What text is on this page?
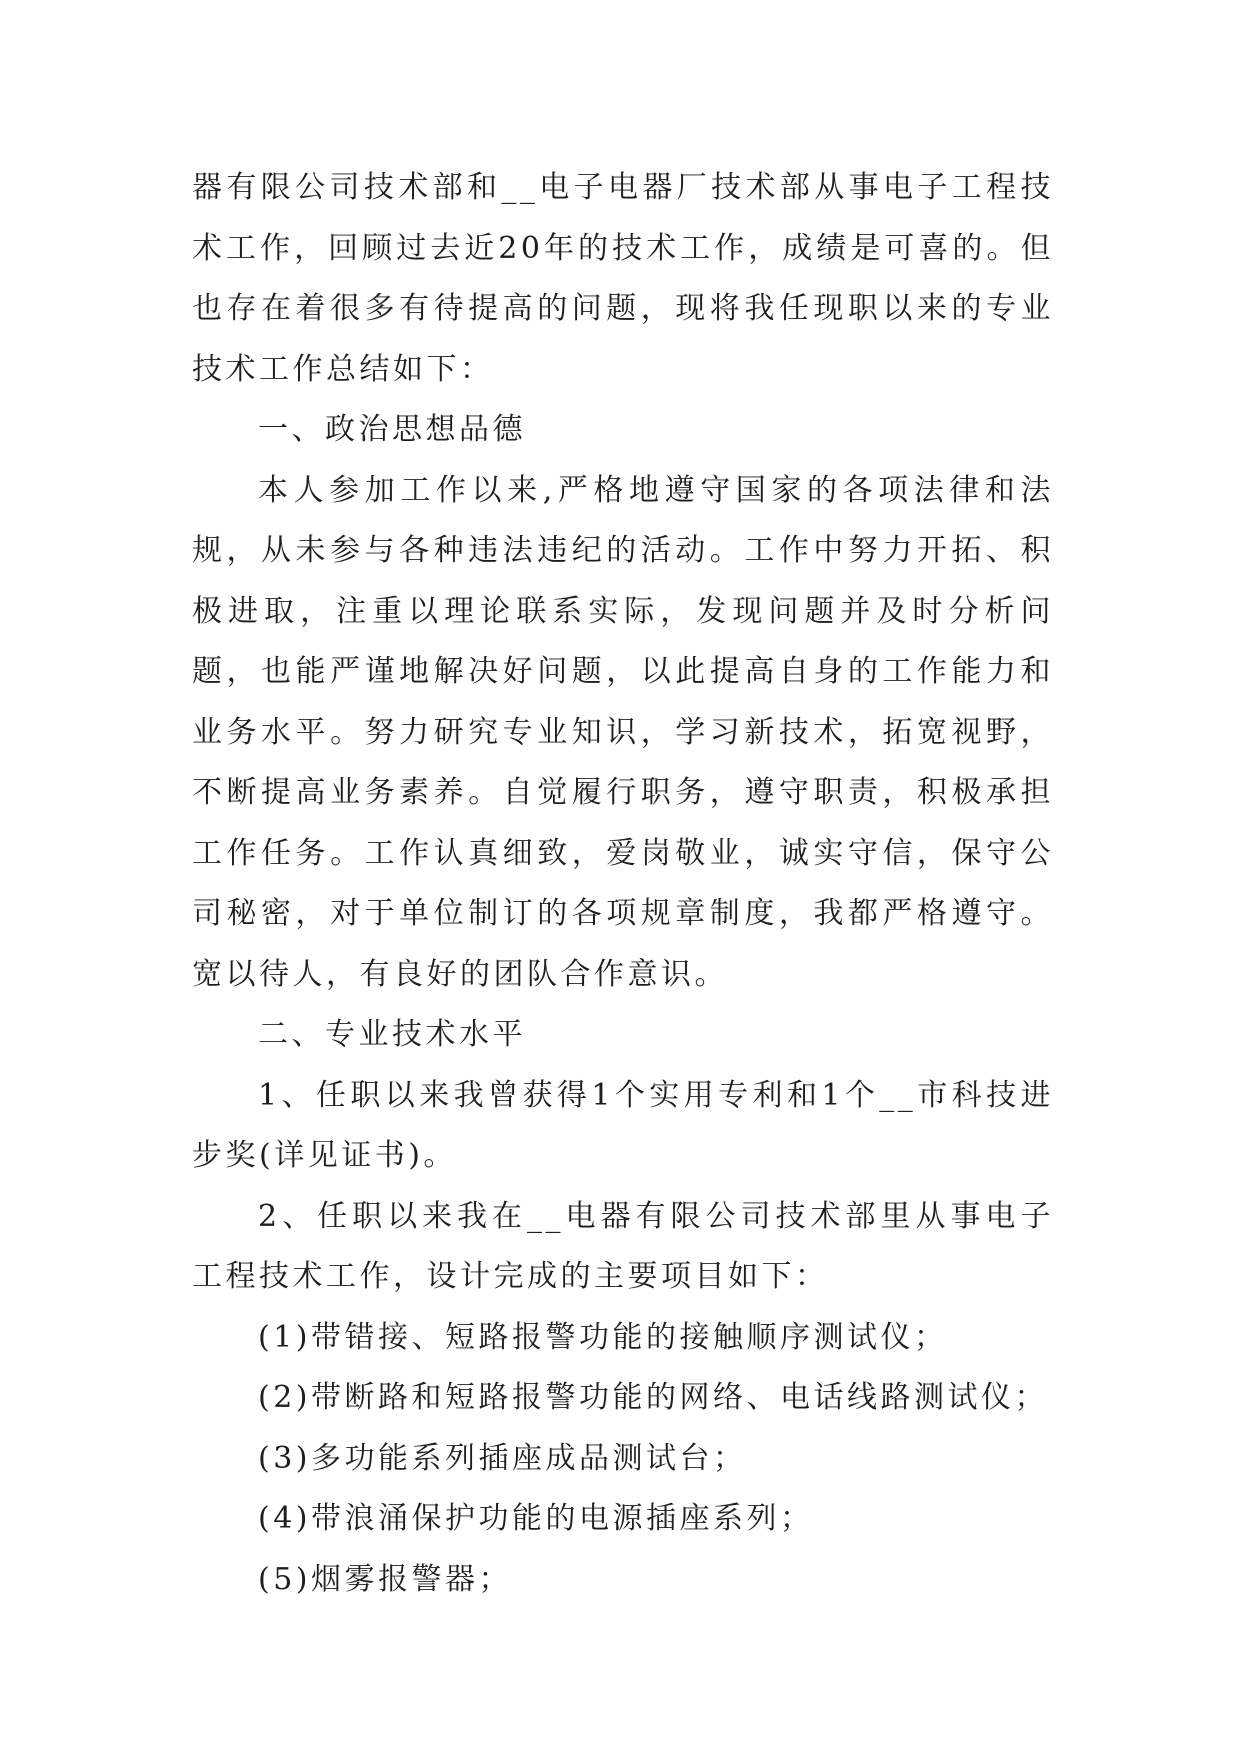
器有限公司技术部和__电子电器厂技术部从事电子工程技术工作，回顾过去近20年的技术工作，成绩是可喜的。但也存在着很多有待提高的问题，现将我任现职以来的专业技术工作总结如下：

一、政治思想品德

本人参加工作以来,严格地遵守国家的各项法律和法规，从未参与各种违法违纪的活动。工作中努力开拓、积极进取，注重以理论联系实际，发现问题并及时分析问题，也能严谨地解决好问题，以此提高自身的工作能力和业务水平。努力研究专业知识，学习新技术，拓宽视野，不断提高业务素养。自觉履行职务，遵守职责，积极承担工作任务。工作认真细致，爱岗敬业，诚实守信，保守公司秘密，对于单位制订的各项规章制度，我都严格遵守。宽以待人，有良好的团队合作意识。

二、专业技术水平

1、任职以来我曾获得1个实用专利和1个__市科技进步奖(详见证书)。

2、任职以来我在__电器有限公司技术部里从事电子工程技术工作，设计完成的主要项目如下：

(1)带错接、短路报警功能的接触顺序测试仪；

(2)带断路和短路报警功能的网络、电话线路测试仪；

(3)多功能系列插座成品测试台；

(4)带浪涌保护功能的电源插座系列；

(5)烟雾报警器；
